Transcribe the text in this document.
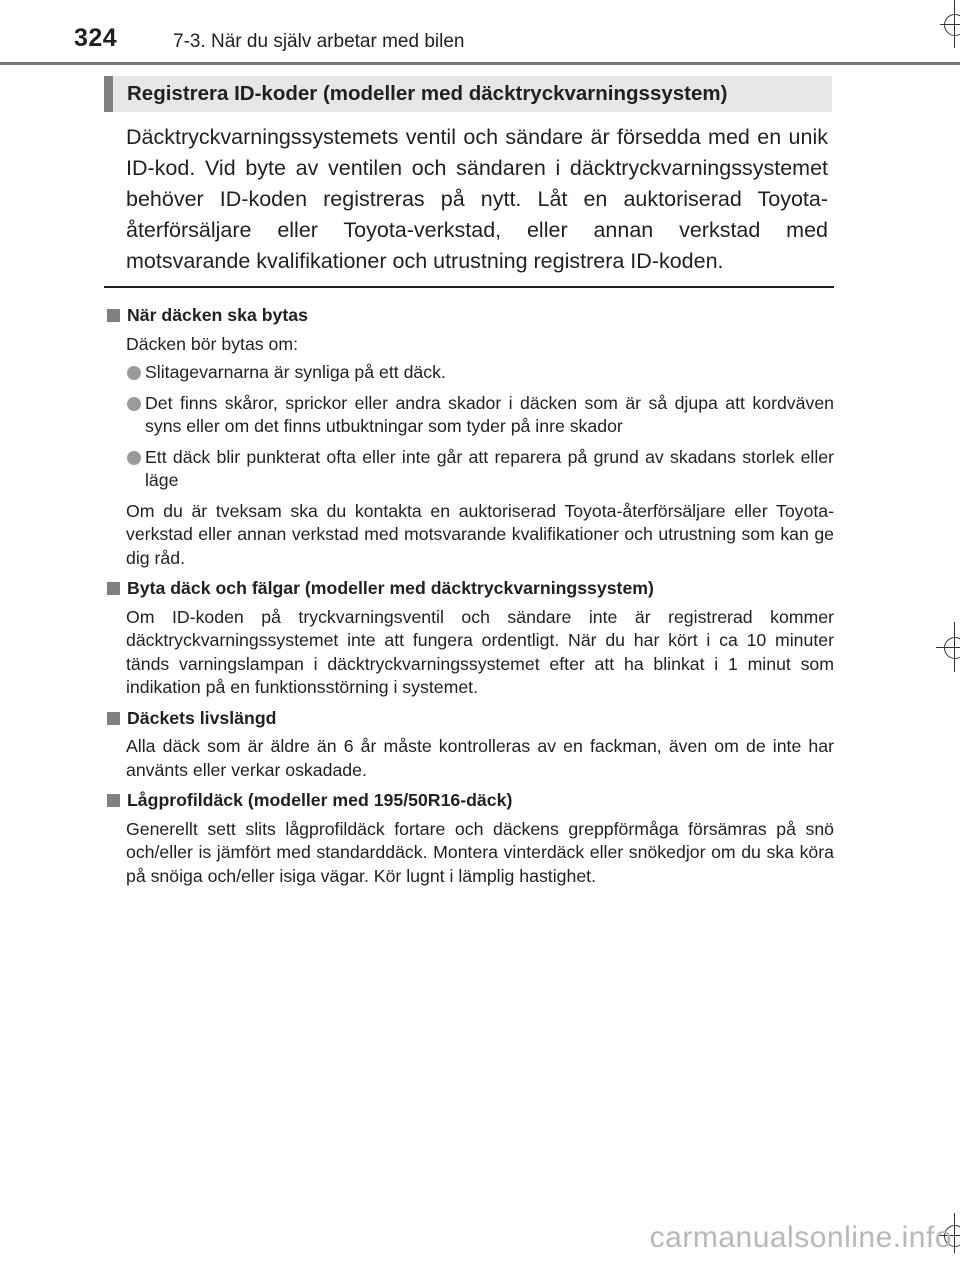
324	7-3. När du själv arbetar med bilen
Registrera ID-koder (modeller med däcktryckvarningssystem)
Däcktryckvarningssystemets ventil och sändare är försedda med en unik ID-kod. Vid byte av ventilen och sändaren i däcktryckvarningssystemet behöver ID-koden registreras på nytt. Låt en auktoriserad Toyota-återförsäljare eller Toyota-verkstad, eller annan verkstad med motsvarande kvalifikationer och utrustning registrera ID-koden.
När däcken ska bytas
Däcken bör bytas om:
Slitagevarnarna är synliga på ett däck.
Det finns skåror, sprickor eller andra skador i däcken som är så djupa att kordväven syns eller om det finns utbuktningar som tyder på inre skador
Ett däck blir punkterat ofta eller inte går att reparera på grund av skadans storlek eller läge
Om du är tveksam ska du kontakta en auktoriserad Toyota-återförsäljare eller Toyota-verkstad eller annan verkstad med motsvarande kvalifikationer och utrustning som kan ge dig råd.
Byta däck och fälgar (modeller med däcktryckvarningssystem)
Om ID-koden på tryckvarningsventil och sändare inte är registrerad kommer däcktryckvarningssystemet inte att fungera ordentligt. När du har kört i ca 10 minuter tänds varningslampan i däcktryckvarningssystemet efter att ha blinkat i 1 minut som indikation på en funktionsstörning i systemet.
Däckets livslängd
Alla däck som är äldre än 6 år måste kontrolleras av en fackman, även om de inte har använts eller verkar oskadade.
Lågprofildäck (modeller med 195/50R16-däck)
Generellt sett slits lågprofildäck fortare och däckens greppförmåga försämras på snö och/eller is jämfört med standarddäck. Montera vinterdäck eller snökedjor om du ska köra på snöiga och/eller isiga vägar. Kör lugnt i lämplig hastighet.
carmanualsonline.info
